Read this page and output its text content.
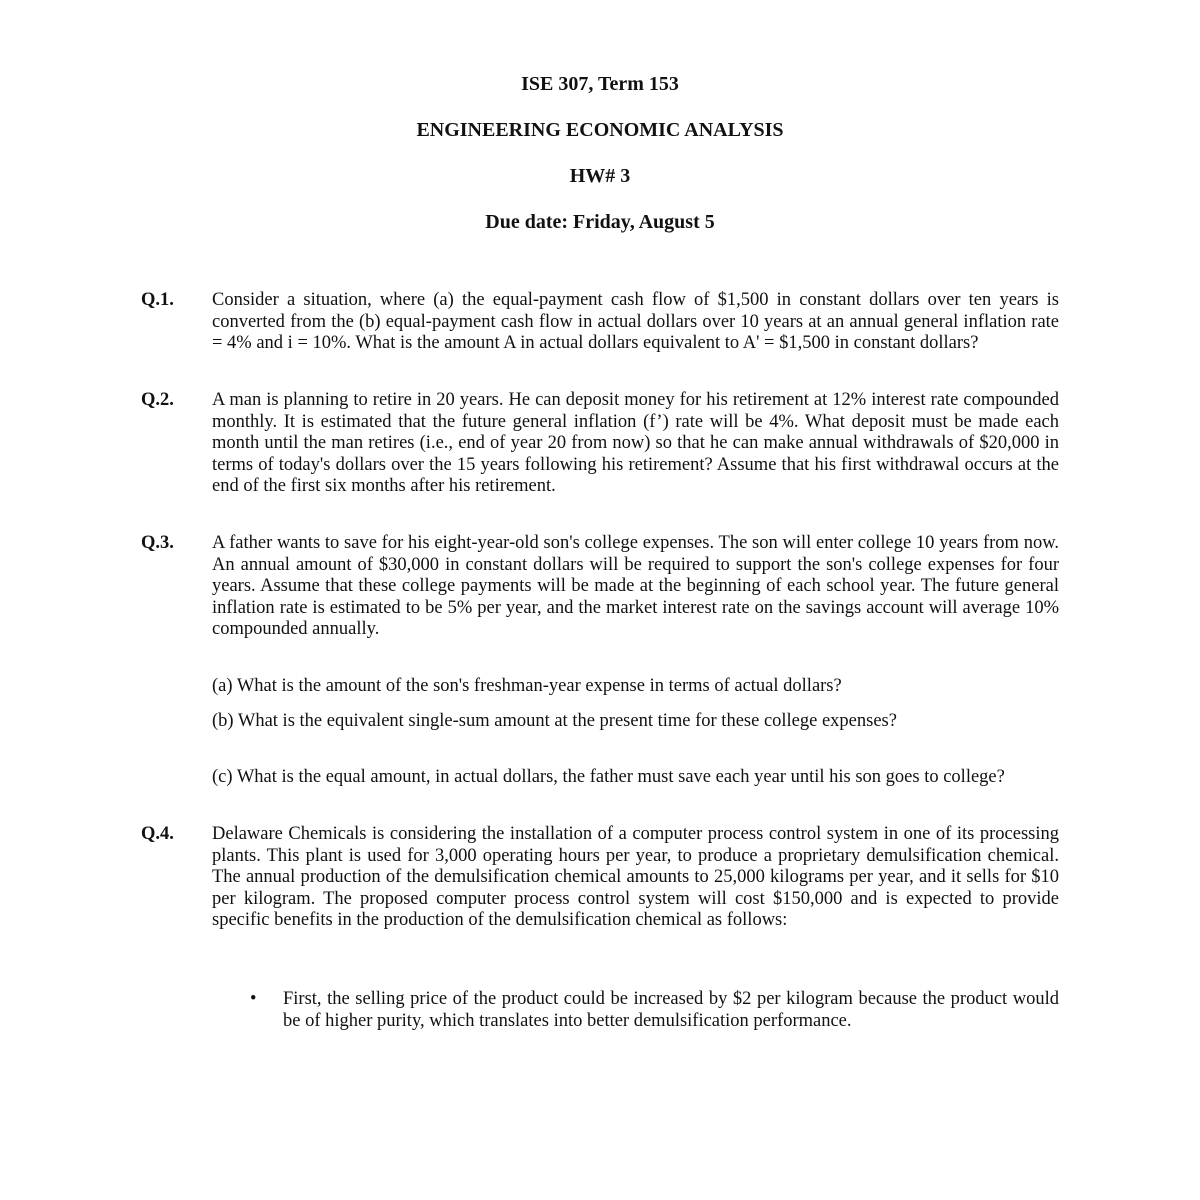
ISE 307, Term 153
ENGINEERING ECONOMIC ANALYSIS
HW# 3
Due date: Friday, August 5
Q.1. Consider a situation, where (a) the equal-payment cash flow of $1,500 in constant dollars over ten years is converted from the (b) equal-payment cash flow in actual dollars over 10 years at an annual general inflation rate = 4% and i = 10%. What is the amount A in actual dollars equivalent to A' = $1,500 in constant dollars?
Q.2. A man is planning to retire in 20 years. He can deposit money for his retirement at 12% interest rate compounded monthly. It is estimated that the future general inflation (f’) rate will be 4%. What deposit must be made each month until the man retires (i.e., end of year 20 from now) so that he can make annual withdrawals of $20,000 in terms of today's dollars over the 15 years following his retirement? Assume that his first withdrawal occurs at the end of the first six months after his retirement.
Q.3. A father wants to save for his eight-year-old son's college expenses. The son will enter college 10 years from now. An annual amount of $30,000 in constant dollars will be required to support the son's college expenses for four years. Assume that these college payments will be made at the beginning of each school year. The future general inflation rate is estimated to be 5% per year, and the market interest rate on the savings account will average 10% compounded annually.
(a) What is the amount of the son's freshman-year expense in terms of actual dollars?
(b) What is the equivalent single-sum amount at the present time for these college expenses?
(c) What is the equal amount, in actual dollars, the father must save each year until his son goes to college?
Q.4. Delaware Chemicals is considering the installation of a computer process control system in one of its processing plants. This plant is used for 3,000 operating hours per year, to produce a proprietary demulsification chemical. The annual production of the demulsification chemical amounts to 25,000 kilograms per year, and it sells for $10 per kilogram. The proposed computer process control system will cost $150,000 and is expected to provide specific benefits in the production of the demulsification chemical as follows:
• First, the selling price of the product could be increased by $2 per kilogram because the product would be of higher purity, which translates into better demulsification performance.
